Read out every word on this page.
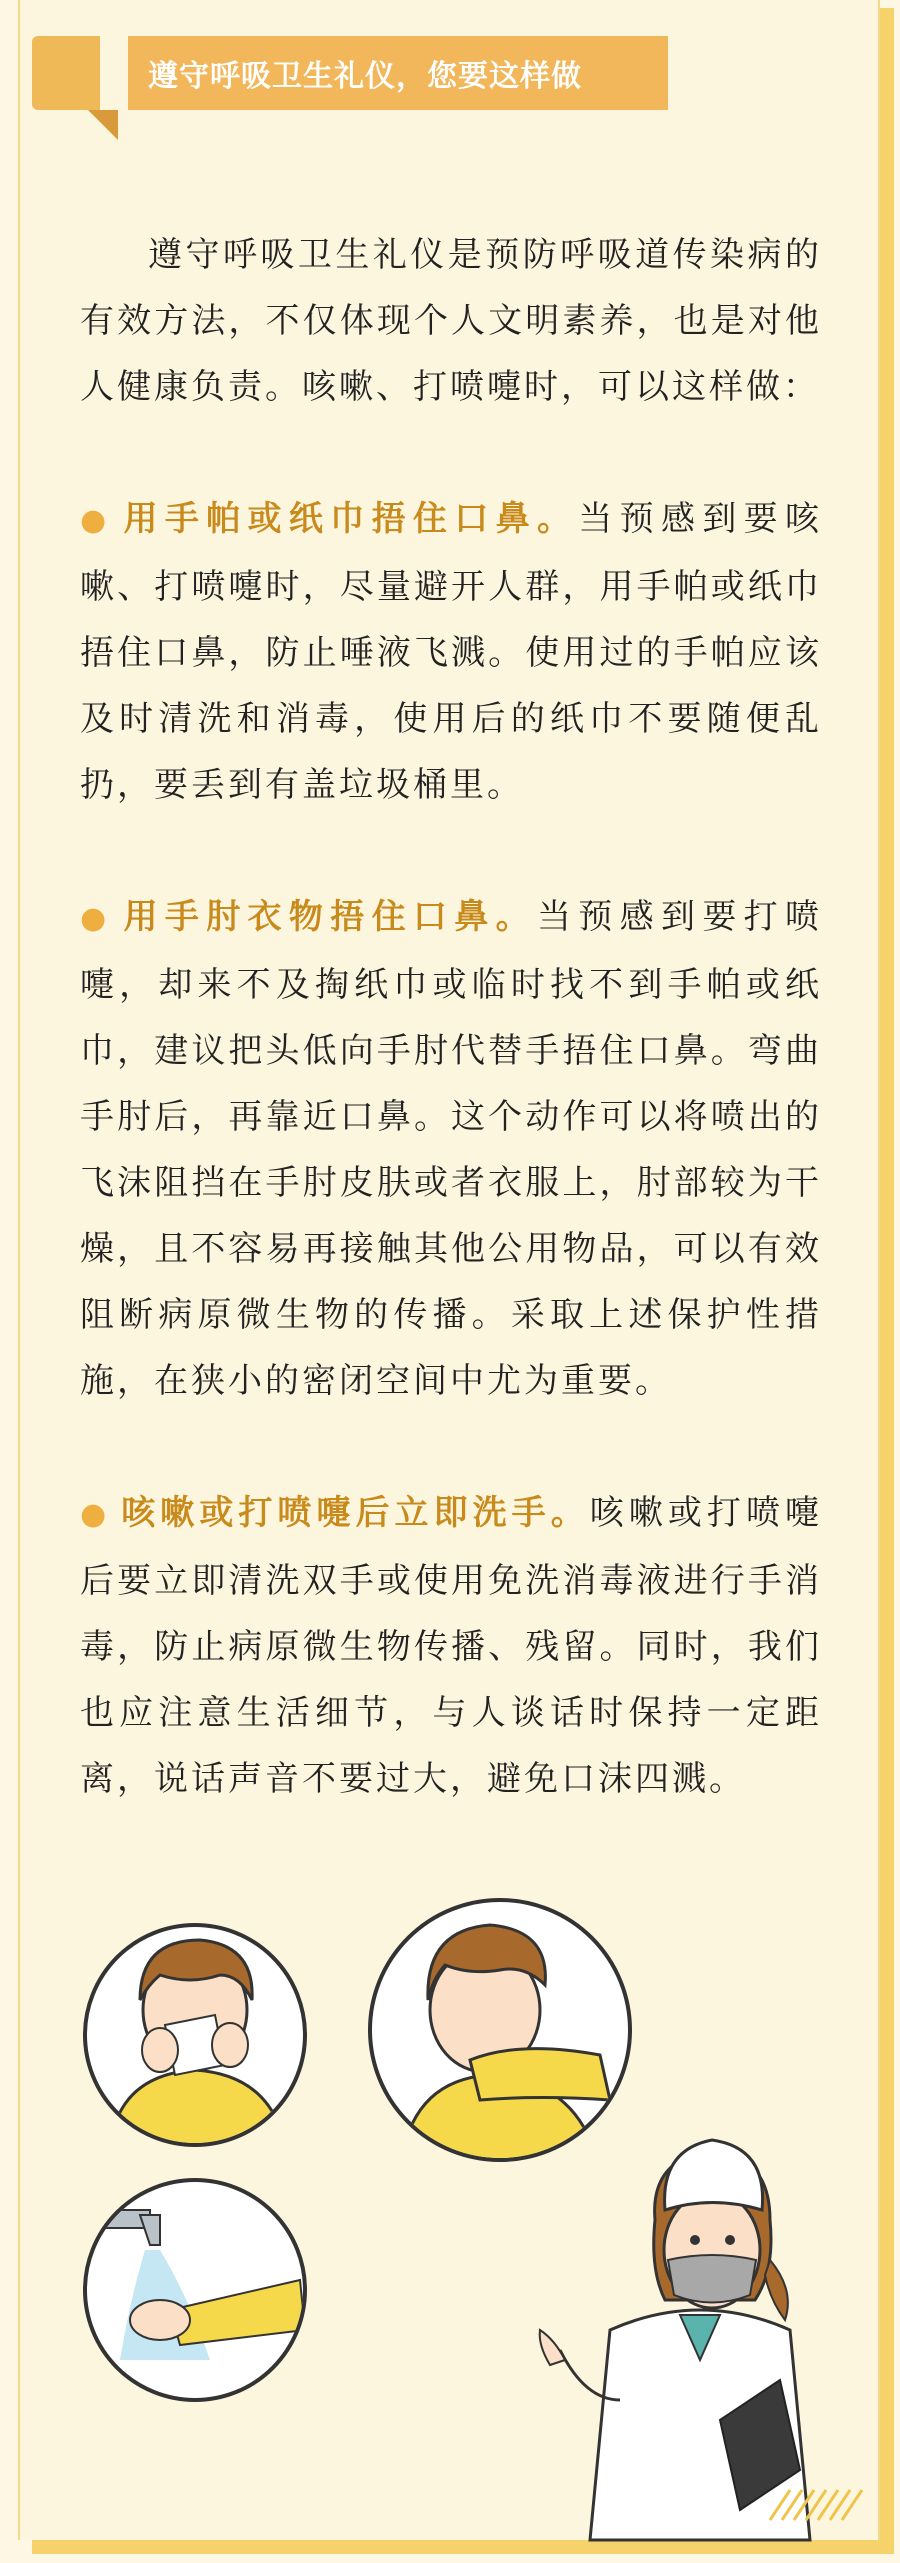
遵守呼吸卫生礼仪，您要这样做

遵守呼吸卫生礼仪是预防呼吸道传染病的有效方法，不仅体现个人文明素养，也是对他人健康负责。咳嗽、打喷嚏时，可以这样做：

● 用手帕或纸巾捂住口鼻。当预感到要咳嗽、打喷嚏时，尽量避开人群，用手帕或纸巾捂住口鼻，防止唾液飞溅。使用过的手帕应该及时清洗和消毒，使用后的纸巾不要随便乱扔，要丢到有盖垃圾桶里。

● 用手肘衣物捂住口鼻。当预感到要打喷嚏，却来不及掏纸巾或临时找不到手帕或纸巾，建议把头低向手肘代替手捂住口鼻。弯曲手肘后，再靠近口鼻。这个动作可以将喷出的飞沫阻挡在手肘皮肤或者衣服上，肘部较为干燥，且不容易再接触其他公用物品，可以有效阻断病原微生物的传播。采取上述保护性措施，在狭小的密闭空间中尤为重要。

● 咳嗽或打喷嚏后立即洗手。咳嗽或打喷嚏后要立即清洗双手或使用免洗消毒液进行手消毒，防止病原微生物传播、残留。同时，我们也应注意生活细节，与人谈话时保持一定距离，说话声音不要过大，避免口沫四溅。
